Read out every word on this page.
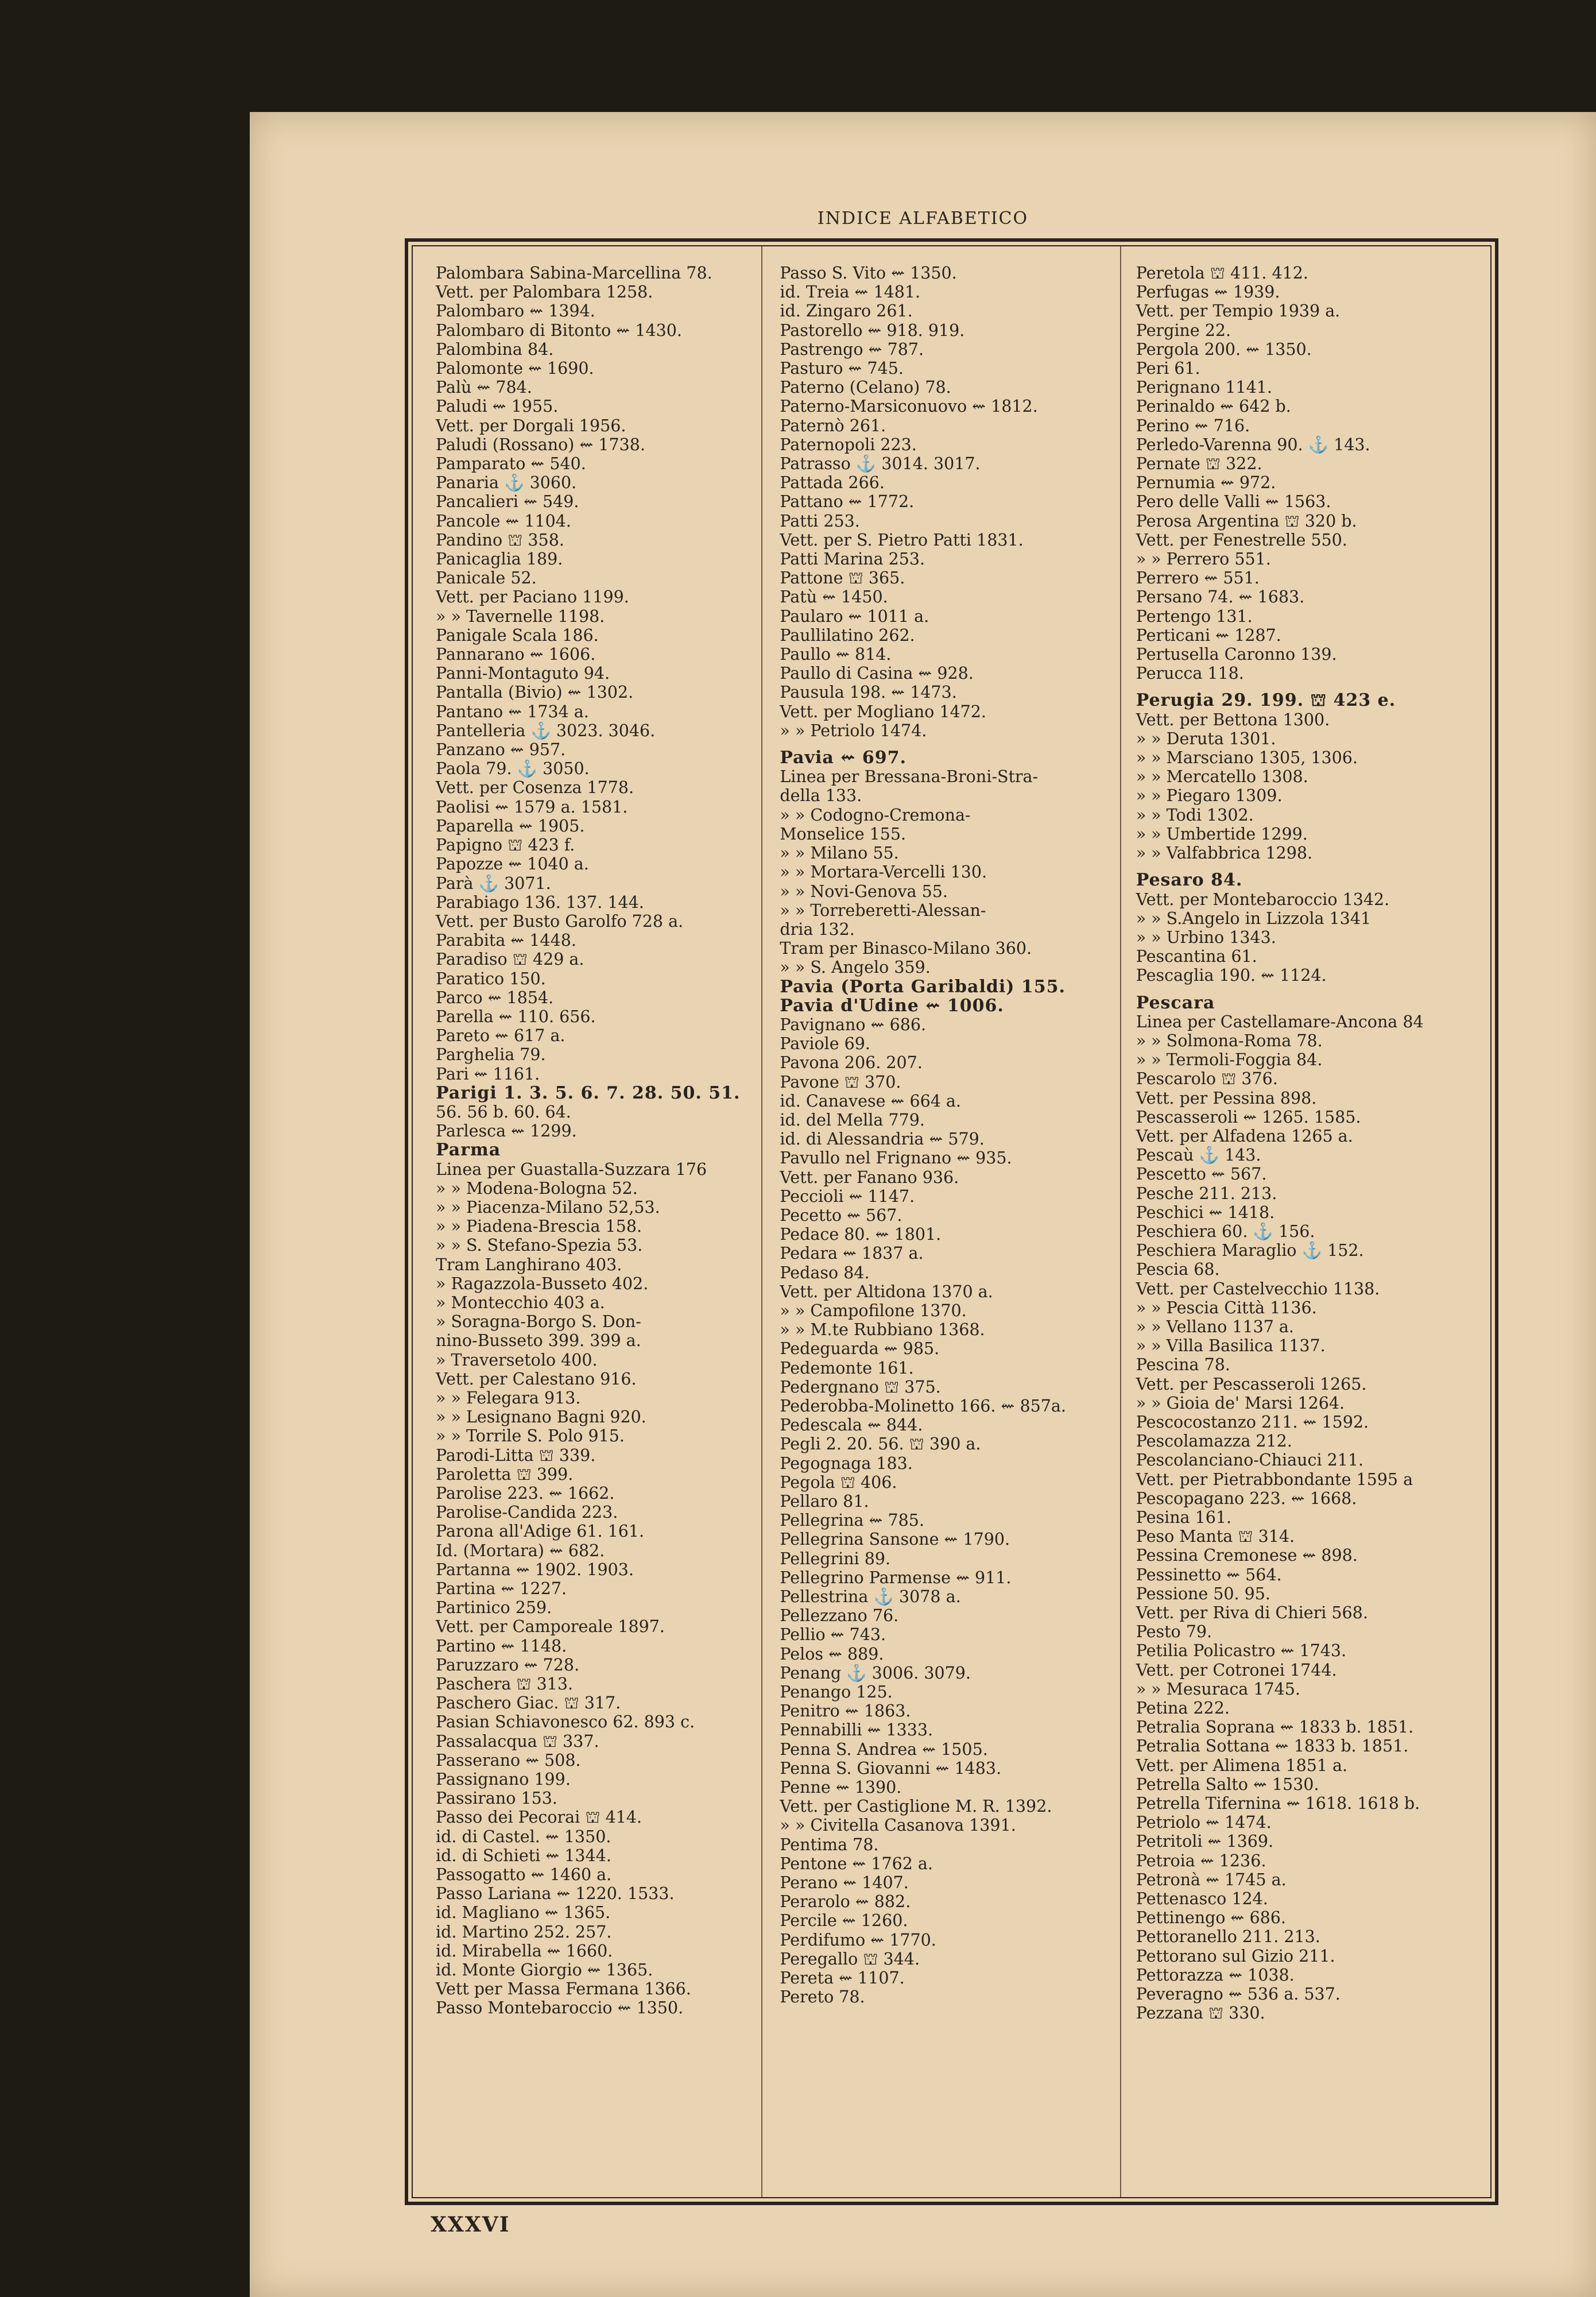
INDICE ALFABETICO
Palombara Sabina-Marcellina 78.
Vett. per Palombara 1258.
Palombaro ⇜ 1394.
Palombaro di Bitonto ⇜ 1430.
Palombina 84.
Palomonte ⇜ 1690.
Palù ⇜ 784.
Paludi ⇜ 1955.
Vett. per Dorgali 1956.
Paludi (Rossano) ⇜ 1738.
Pamparato ⇜ 540.
Panaria ⚓ 3060.
Pancalieri ⇜ 549.
Pancole ⇜ 1104.
Pandino ⛫ 358.
Panicaglia 189.
Panicale 52.
Vett. per Paciano 1199.
» » Tavernelle 1198.
Panigale Scala 186.
Pannarano ⇜ 1606.
Panni-Montaguto 94.
Pantalla (Bivio) ⇜ 1302.
Pantano ⇜ 1734 a.
Pantelleria ⚓ 3023. 3046.
Panzano ⇜ 957.
Paola 79. ⚓ 3050.
Vett. per Cosenza 1778.
Paolisi ⇜ 1579 a. 1581.
Paparella ⇜ 1905.
Papigno ⛫ 423 f.
Papozze ⇜ 1040 a.
Parà ⚓ 3071.
Parabiago 136. 137. 144.
Vett. per Busto Garolfo 728 a.
Parabita ⇜ 1448.
Paradiso ⛫ 429 a.
Paratico 150.
Parco ⇜ 1854.
Parella ⇜ 110. 656.
Pareto ⇜ 617 a.
Parghelia 79.
Pari ⇜ 1161.
Parigi 1. 3. 5. 6. 7. 28. 50. 51.
56. 56 b. 60. 64.
Parlesca ⇜ 1299.
Parma
Linea per Guastalla-Suzzara 176
» » Modena-Bologna 52.
» » Piacenza-Milano 52,53.
» » Piadena-Brescia 158.
» » S. Stefano-Spezia 53.
Tram Langhirano 403.
» Ragazzola-Busseto 402.
» Montecchio 403 a.
» Soragna-Borgo S. Don-
nino-Busseto 399. 399 a.
» Traversetolo 400.
Vett. per Calestano 916.
» » Felegara 913.
» » Lesignano Bagni 920.
» » Torrile S. Polo 915.
Parodi-Litta ⛫ 339.
Paroletta ⛫ 399.
Parolise 223. ⇜ 1662.
Parolise-Candida 223.
Parona all'Adige 61. 161.
Id. (Mortara) ⇜ 682.
Partanna ⇜ 1902. 1903.
Partina ⇜ 1227.
Partinico 259.
Vett. per Camporeale 1897.
Partino ⇜ 1148.
Paruzzaro ⇜ 728.
Paschera ⛫ 313.
Paschero Giac. ⛫ 317.
Pasian Schiavonesco 62. 893 c.
Passalacqua ⛫ 337.
Passerano ⇜ 508.
Passignano 199.
Passirano 153.
Passo dei Pecorai ⛫ 414.
id. di Castel. ⇜ 1350.
id. di Schieti ⇜ 1344.
Passogatto ⇜ 1460 a.
Passo Lariana ⇜ 1220. 1533.
id. Magliano ⇜ 1365.
id. Martino 252. 257.
id. Mirabella ⇜ 1660.
id. Monte Giorgio ⇜ 1365.
Vett per Massa Fermana 1366.
Passo Montebaroccio ⇜ 1350.
Passo S. Vito ⇜ 1350.
id. Treia ⇜ 1481.
id. Zingaro 261.
Pastorello ⇜ 918. 919.
Pastrengo ⇜ 787.
Pasturo ⇜ 745.
Paterno (Celano) 78.
Paterno-Marsiconuovo ⇜ 1812.
Paternò 261.
Paternopoli 223.
Patrasso ⚓ 3014. 3017.
Pattada 266.
Pattano ⇜ 1772.
Patti 253.
Vett. per S. Pietro Patti 1831.
Patti Marina 253.
Pattone ⛫ 365.
Patù ⇜ 1450.
Paularo ⇜ 1011 a.
Paullilatino 262.
Paullo ⇜ 814.
Paullo di Casina ⇜ 928.
Pausula 198. ⇜ 1473.
Vett. per Mogliano 1472.
» » Petriolo 1474.
Pavia ⇜ 697.
Linea per Bressana-Broni-Stra-
della 133.
» » Codogno-Cremona-
Monselice 155.
» » Milano 55.
» » Mortara-Vercelli 130.
» » Novi-Genova 55.
» » Torreberetti-Alessan-
dria 132.
Tram per Binasco-Milano 360.
» » S. Angelo 359.
Pavia (Porta Garibaldi) 155.
Pavia d'Udine ⇜ 1006.
Pavignano ⇜ 686.
Paviole 69.
Pavona 206. 207.
Pavone ⛫ 370.
id. Canavese ⇜ 664 a.
id. del Mella 779.
id. di Alessandria ⇜ 579.
Pavullo nel Frignano ⇜ 935.
Vett. per Fanano 936.
Peccioli ⇜ 1147.
Pecetto ⇜ 567.
Pedace 80. ⇜ 1801.
Pedara ⇜ 1837 a.
Pedaso 84.
Vett. per Altidona 1370 a.
» » Campofilone 1370.
» » M.te Rubbiano 1368.
Pedeguarda ⇜ 985.
Pedemonte 161.
Pedergnano ⛫ 375.
Pederobba-Molinetto 166. ⇜ 857a.
Pedescala ⇜ 844.
Pegli 2. 20. 56. ⛫ 390 a.
Pegognaga 183.
Pegola ⛫ 406.
Pellaro 81.
Pellegrina ⇜ 785.
Pellegrina Sansone ⇜ 1790.
Pellegrini 89.
Pellegrino Parmense ⇜ 911.
Pellestrina ⚓ 3078 a.
Pellezzano 76.
Pellio ⇜ 743.
Pelos ⇜ 889.
Penang ⚓ 3006. 3079.
Penango 125.
Penitro ⇜ 1863.
Pennabilli ⇜ 1333.
Penna S. Andrea ⇜ 1505.
Penna S. Giovanni ⇜ 1483.
Penne ⇜ 1390.
Vett. per Castiglione M. R. 1392.
» » Civitella Casanova 1391.
Pentima 78.
Pentone ⇜ 1762 a.
Perano ⇜ 1407.
Perarolo ⇜ 882.
Percile ⇜ 1260.
Perdifumo ⇜ 1770.
Peregallo ⛫ 344.
Pereta ⇜ 1107.
Pereto 78.
Peretola ⛫ 411. 412.
Perfugas ⇜ 1939.
Vett. per Tempio 1939 a.
Pergine 22.
Pergola 200. ⇜ 1350.
Peri 61.
Perignano 1141.
Perinaldo ⇜ 642 b.
Perino ⇜ 716.
Perledo-Varenna 90. ⚓ 143.
Pernate ⛫ 322.
Pernumia ⇜ 972.
Pero delle Valli ⇜ 1563.
Perosa Argentina ⛫ 320 b.
Vett. per Fenestrelle 550.
» » Perrero 551.
Perrero ⇜ 551.
Persano 74. ⇜ 1683.
Pertengo 131.
Perticani ⇜ 1287.
Pertusella Caronno 139.
Perucca 118.
Perugia 29. 199. ⛫ 423 e.
Vett. per Bettona 1300.
» » Deruta 1301.
» » Marsciano 1305, 1306.
» » Mercatello 1308.
» » Piegaro 1309.
» » Todi 1302.
» » Umbertide 1299.
» » Valfabbrica 1298.
Pesaro 84.
Vett. per Montebaroccio 1342.
» » S.Angelo in Lizzola 1341
» » Urbino 1343.
Pescantina 61.
Pescaglia 190. ⇜ 1124.
Pescara
Linea per Castellamare-Ancona 84
» » Solmona-Roma 78.
» » Termoli-Foggia 84.
Pescarolo ⛫ 376.
Vett. per Pessina 898.
Pescasseroli ⇜ 1265. 1585.
Vett. per Alfadena 1265 a.
Pescaù ⚓ 143.
Pescetto ⇜ 567.
Pesche 211. 213.
Peschici ⇜ 1418.
Peschiera 60. ⚓ 156.
Peschiera Maraglio ⚓ 152.
Pescia 68.
Vett. per Castelvecchio 1138.
» » Pescia Città 1136.
» » Vellano 1137 a.
» » Villa Basilica 1137.
Pescina 78.
Vett. per Pescasseroli 1265.
» » Gioia de' Marsi 1264.
Pescocostanzo 211. ⇜ 1592.
Pescolamazza 212.
Pescolanciano-Chiauci 211.
Vett. per Pietrabbondante 1595 a
Pescopagano 223. ⇜ 1668.
Pesina 161.
Peso Manta ⛫ 314.
Pessina Cremonese ⇜ 898.
Pessinetto ⇜ 564.
Pessione 50. 95.
Vett. per Riva di Chieri 568.
Pesto 79.
Petilia Policastro ⇜ 1743.
Vett. per Cotronei 1744.
» » Mesuraca 1745.
Petina 222.
Petralia Soprana ⇜ 1833 b. 1851.
Petralia Sottana ⇜ 1833 b. 1851.
Vett. per Alimena 1851 a.
Petrella Salto ⇜ 1530.
Petrella Tifernina ⇜ 1618. 1618 b.
Petriolo ⇜ 1474.
Petritoli ⇜ 1369.
Petroia ⇜ 1236.
Petronà ⇜ 1745 a.
Pettenasco 124.
Pettinengo ⇜ 686.
Pettoranello 211. 213.
Pettorano sul Gizio 211.
Pettorazza ⇜ 1038.
Peveragno ⇜ 536 a. 537.
Pezzana ⛫ 330.
XXXVI
